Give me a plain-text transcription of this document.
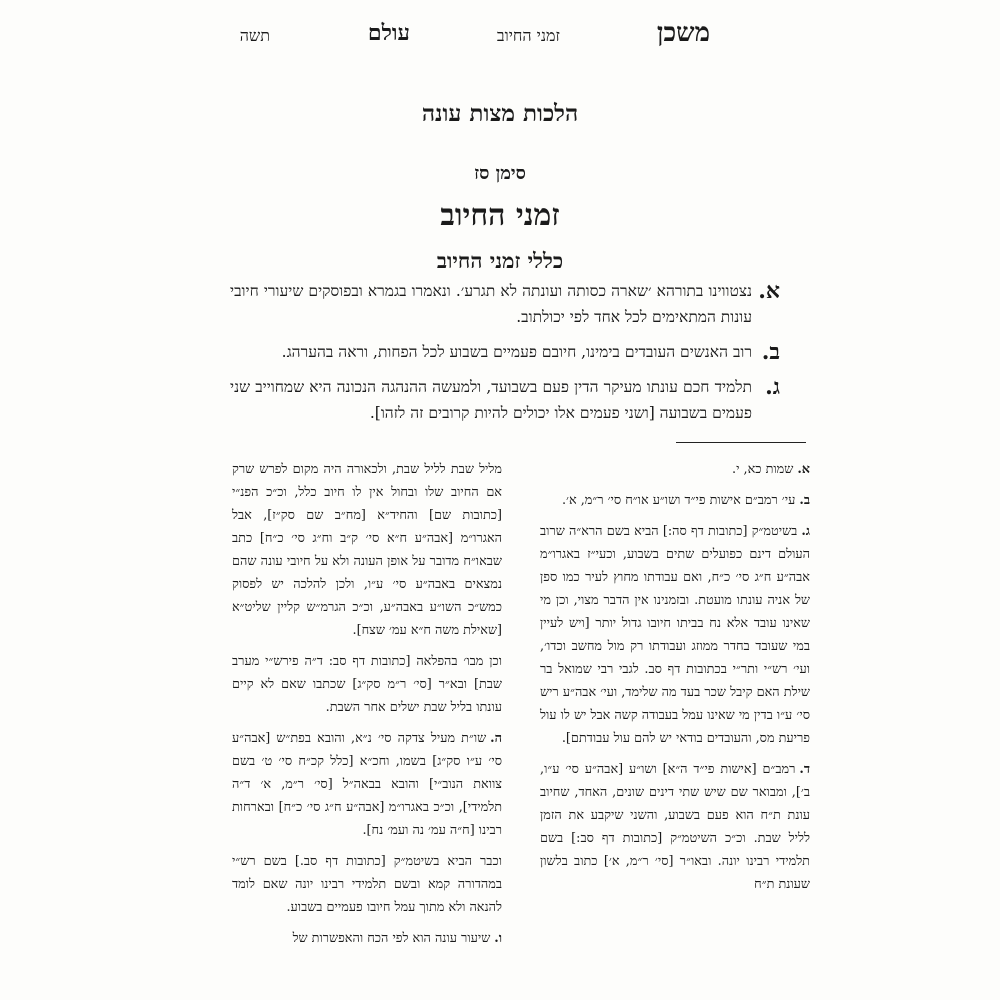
משכן
זמני החיוב
עולם
תשה
הלכות מצות עונה
סימן סז
זמני החיוב
כללי זמני החיוב
א.
נצטווינו בתורהא ׳שארה כסותה ועונתה לא תגרע׳. ונאמרו בגמרא ובפוסקים שיעורי חיובי עונות המתאימים לכל אחד לפי יכולתוב.
ב.
רוב האנשים העובדים בימינו, חיובם פעמיים בשבוע לכל הפחות, וראה בהערהג.
ג.
תלמיד חכם עונתו מעיקר הדין פעם בשבועד, ולמעשה ההנהגה הנכונה היא שמחוייב שני פעמים בשבועה [ושני פעמים אלו יכולים להיות קרובים זה לזהו].

א.שמות כא, י.

ב.עי׳ רמב״ם אישות פי״ד ושו״ע או״ח סי׳ ר״מ, א׳.

ג.בשיטמ״ק [כתובות דף סה:] הביא בשם הרא״ה שרוב העולם דינם כפועלים שתים בשבוע, וכעי״ז באגרו״מ אבה״ע ח״ג סי׳ כ״ח, ואם עבודתו מחוץ לעיר כמו ספן של אניה עונתו מועטת. ובזמנינו אין הדבר מצוי, וכן מי שאינו עובד אלא נח בביתו חיובו גדול יותר [ויש לעיין במי שעובד בחדר ממוזג ועבודתו רק מול מחשב וכדו׳, ועי׳ רש״י ותר״י בכתובות דף סב. לגבי רבי שמואל בר שילת האם קיבל שכר בעד מה שלימד, ועי׳ אבה״ע ריש סי׳ ע״ו בדין מי שאינו עמל בעבודה קשה אבל יש לו עול פריעת מס, והעובדים בודאי יש להם עול עבודתם].

ד.רמב״ם [אישות פי״ד ה״א] ושו״ע [אבה״ע סי׳ ע״ו, ב׳], ומבואר שם שיש שתי דינים שונים, האחד, שחיוב עונת ת״ח הוא פעם בשבוע, והשני שיקבע את הזמן לליל שבת. וכ״כ השיטמ״ק [כתובות דף סב:] בשם תלמידי רבינו יונה. ובאו״ר [סי׳ ר״מ, א׳] כתוב בלשון שעונת ת״ח

מליל שבת לליל שבת, ולכאורה היה מקום לפרש שרק אם החיוב שלו ובחול אין לו חיוב כלל, וכ״כ הפנ״י [כתובות שם] והחיד״א [מח״ב שם סק״ז], אבל האגרו״מ [אבה״ע ח״א סי׳ ק״ב וח״ג סי׳ כ״ח] כתב שבאו״ח מדובר על אופן העונה ולא על חיובי עונה שהם נמצאים באבה״ע סי׳ ע״ו, ולכן להלכה יש לפסוק כמש״כ השו״ע באבה״ע, וכ״כ הגרמ״ש קליין שליט״א [שאילת משה ח״א עמ׳ שצח].

וכן מבו׳ בהפלאה [כתובות דף סב: ד״ה פירש״י מערב שבת] ובא״ר [סי׳ ר״מ סק״ג] שכתבו שאם לא קיים עונתו בליל שבת ישלים אחר השבת.

ה.שו״ת מעיל צדקה סי׳ נ״א, והובא בפת״ש [אבה״ע סי׳ ע״ו סק״ג] בשמו, וחכ״א [כלל קכ״ח סי׳ ט׳ בשם צוואת הנוב״י] והובא בבאה״ל [סי׳ ר״מ, א׳ ד״ה תלמידי], וכ״כ באגרו״מ [אבה״ע ח״ג סי׳ כ״ח] ובארחות רבינו [ח״ה עמ׳ נה ועמ׳ נח].

וכבר הביא בשיטמ״ק [כתובות דף סב.] בשם רש״י במהדורה קמא ובשם תלמידי רבינו יונה שאם לומד להנאה ולא מתוך עמל חיובו פעמיים בשבוע.

ו.שיעור עונה הוא לפי הכח והאפשרות של
